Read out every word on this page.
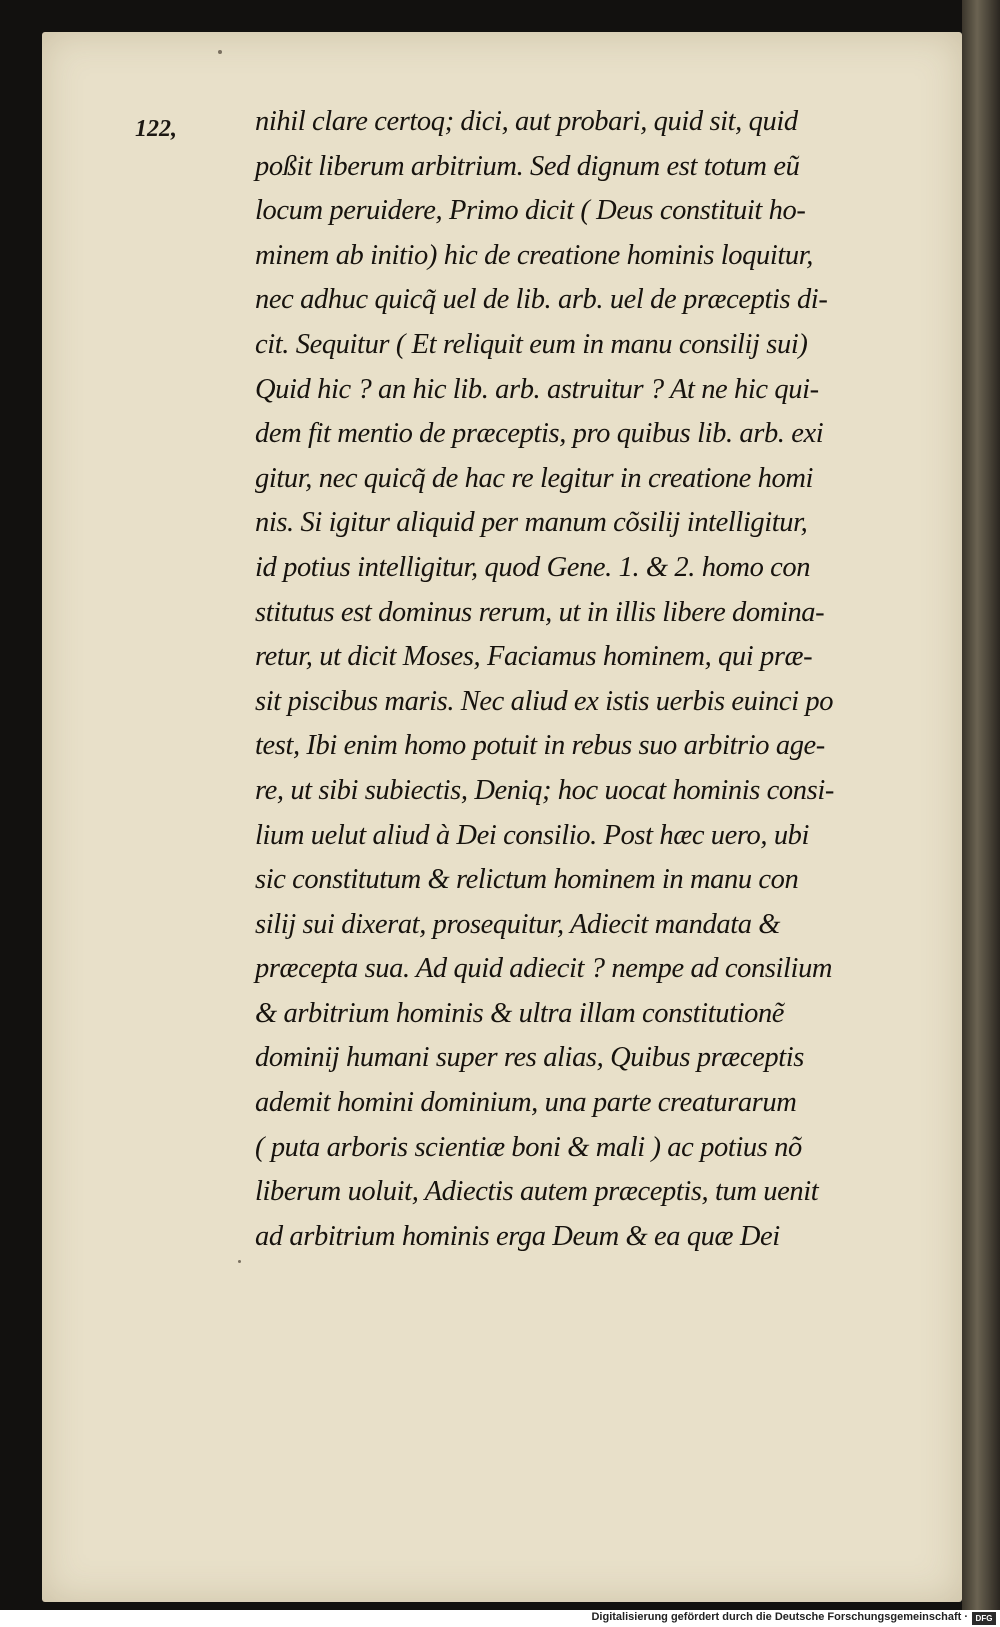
122,	nihil clare certoq; dici, aut probari, quid sit, quid
poßit liberum arbitrium. Sed dignum est totum eũ
locum peruidere, Primo dicit ( Deus constituit ho-
minem ab initio) hic de creatione hominis loquitur,
nec adhuc quicq̃ uel de lib. arb. uel de præceptis di-
cit. Sequitur ( Et reliquit eum in manu consilij sui)
Quid hic ? an hic lib. arb. astruitur ? At ne hic qui-
dem fit mentio de præceptis, pro quibus lib. arb. exi
gitur, nec quicq̃ de hac re legitur in creatione homi
nis. Si igitur aliquid per manum cõsilij intelligitur,
id potius intelligitur, quod Gene. 1. & 2. homo con
stitutus est dominus rerum, ut in illis libere domina-
retur, ut dicit Moses, Faciamus hominem, qui præ-
sit piscibus maris. Nec aliud ex istis uerbis euinci po
test, Ibi enim homo potuit in rebus suo arbitrio age-
re, ut sibi subiectis, Deniq; hoc uocat hominis consi-
lium uelut aliud à Dei consilio. Post hæc uero, ubi
sic constitutum & relictum hominem in manu con
silij sui dixerat, prosequitur, Adiecit mandata &
præcepta sua. Ad quid adiecit ? nempe ad consilium
& arbitrium hominis & ultra illam constitutionẽ
dominij humani super res alias, Quibus præceptis
ademit homini dominium, una parte creaturarum
( puta arboris scientiæ boni & mali ) ac potius nõ
liberum uoluit, Adiectis autem præceptis, tum uenit
ad arbitrium hominis erga Deum & ea quæ Dei
Digitalisierung gefördert durch die Deutsche Forschungsgemeinschaft · DFG
